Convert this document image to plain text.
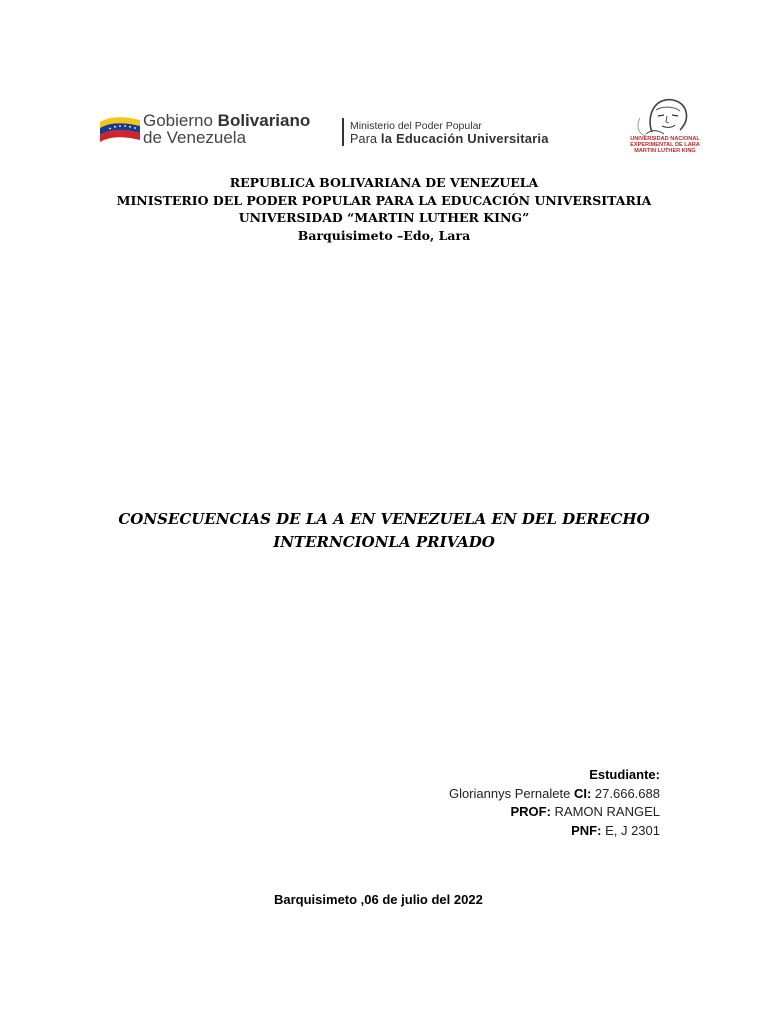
Gobierno Bolivariano
de Venezuela
Ministerio del Poder Popular
Para la Educación Universitaria	UNIVERSIDAD NACIONAL
EXPERIMENTAL DE LARA
MARTIN LUTHER KING
REPUBLICA BOLIVARIANA DE VENEZUELA
MINISTERIO DEL PODER POPULAR PARA LA EDUCACIÓN UNIVERSITARIA
UNIVERSIDAD “MARTIN LUTHER KING”
Barquisimeto –Edo, Lara
CONSECUENCIAS DE LA A EN VENEZUELA EN DEL DERECHO
INTERNCIONLA PRIVADO
Estudiante:
Gloriannys Pernalete CI: 27.666.688
PROF: RAMON RANGEL
PNF: E, J 2301
Barquisimeto ,06 de julio del 2022
